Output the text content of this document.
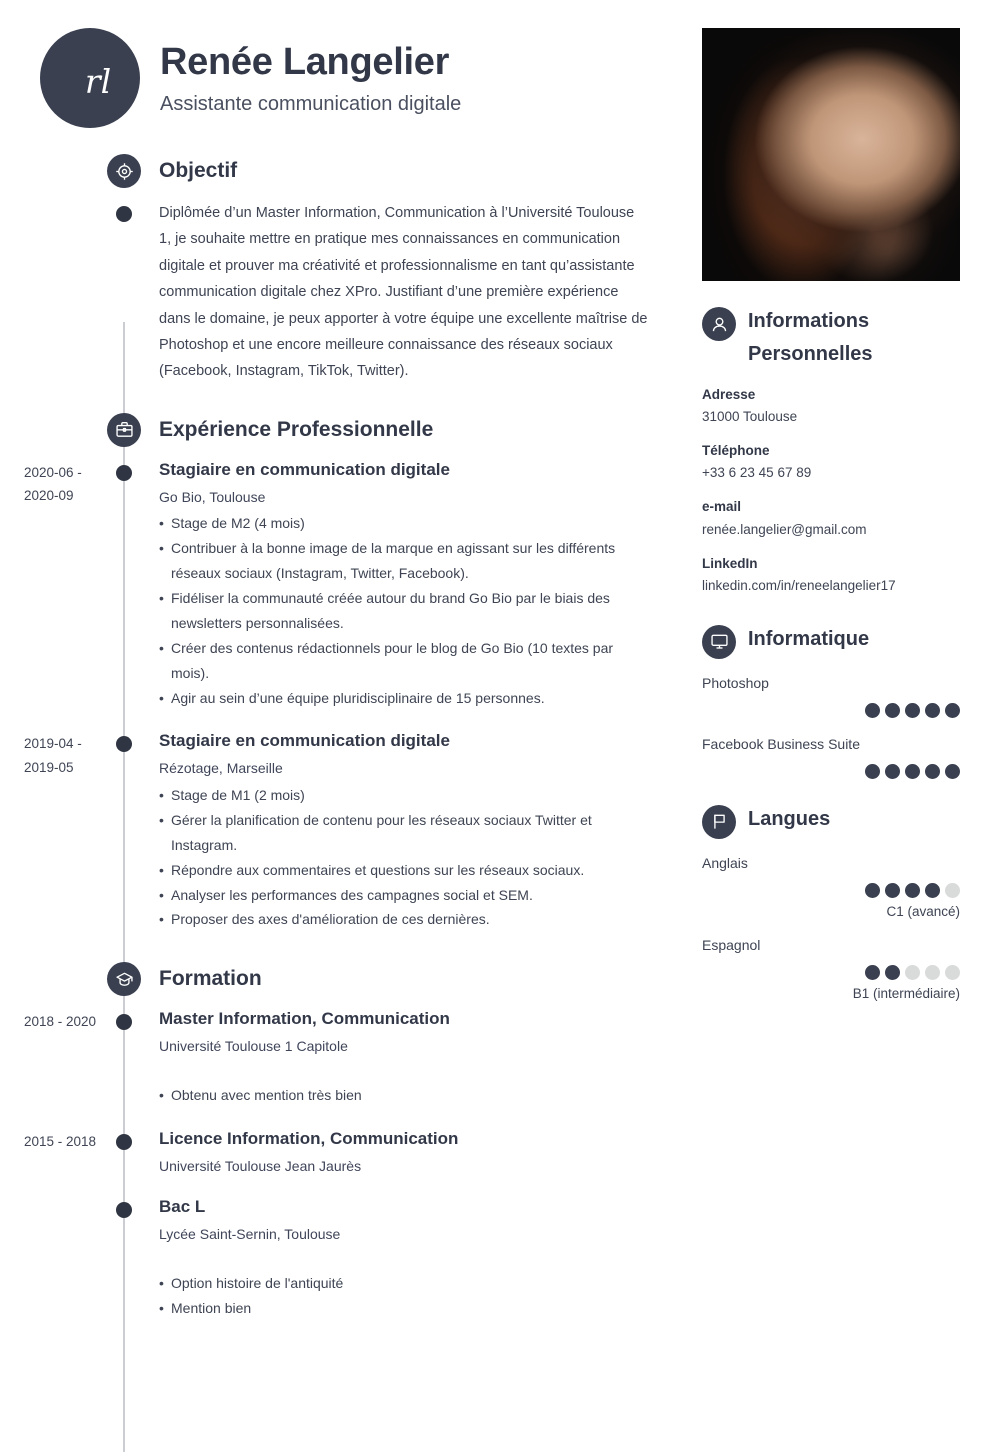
rl Renée Langelier
Assistante communication digitale
Objectif

Diplômée d’un Master Information, Communication à l’Université Toulouse 1, je souhaite mettre en pratique mes connaissances en communication digitale et prouver ma créativité et professionnalisme en tant qu’assistante communication digitale chez XPro. Justifiant d’une première expérience dans le domaine, je peux apporter à votre équipe une excellente maîtrise de Photoshop et une encore meilleure connaissance des réseaux sociaux (Facebook, Instagram, TikTok, Twitter).

Expérience Professionnelle
2020-06 - 2020-09
Stagiaire en communication digitale
Go Bio, Toulouse
• Stage de M2 (4 mois)
• Contribuer à la bonne image de la marque en agissant sur les différents réseaux sociaux (Instagram, Twitter, Facebook).
• Fidéliser la communauté créée autour du brand Go Bio par le biais des newsletters personnalisées.
• Créer des contenus rédactionnels pour le blog de Go Bio (10 textes par mois).
• Agir au sein d’une équipe pluridisciplinaire de 15 personnes.
2019-04 - 2019-05
Stagiaire en communication digitale
Rézotage, Marseille
• Stage de M1 (2 mois)
• Gérer la planification de contenu pour les réseaux sociaux Twitter et Instagram.
• Répondre aux commentaires et questions sur les réseaux sociaux.
• Analyser les performances des campagnes social et SEM.
• Proposer des axes d'amélioration de ces dernières.
Formation
2018 - 2020	Master Information, Communication
Université Toulouse 1 Capitole
• Obtenu avec mention très bien
2015 - 2018	Licence Information, Communication
Université Toulouse Jean Jaurès
Bac L
Lycée Saint-Sernin, Toulouse
• Option histoire de l'antiquité
• Mention bien
Informations Personnelles
Adresse
31000 Toulouse
Téléphone
+33 6 23 45 67 89
e-mail
renée.langelier@gmail.com
LinkedIn
linkedin.com/in/reneelangelier17
Informatique
Photoshop
Facebook Business Suite
Langues
Anglais
C1 (avancé)
Espagnol
B1 (intermédiaire)
